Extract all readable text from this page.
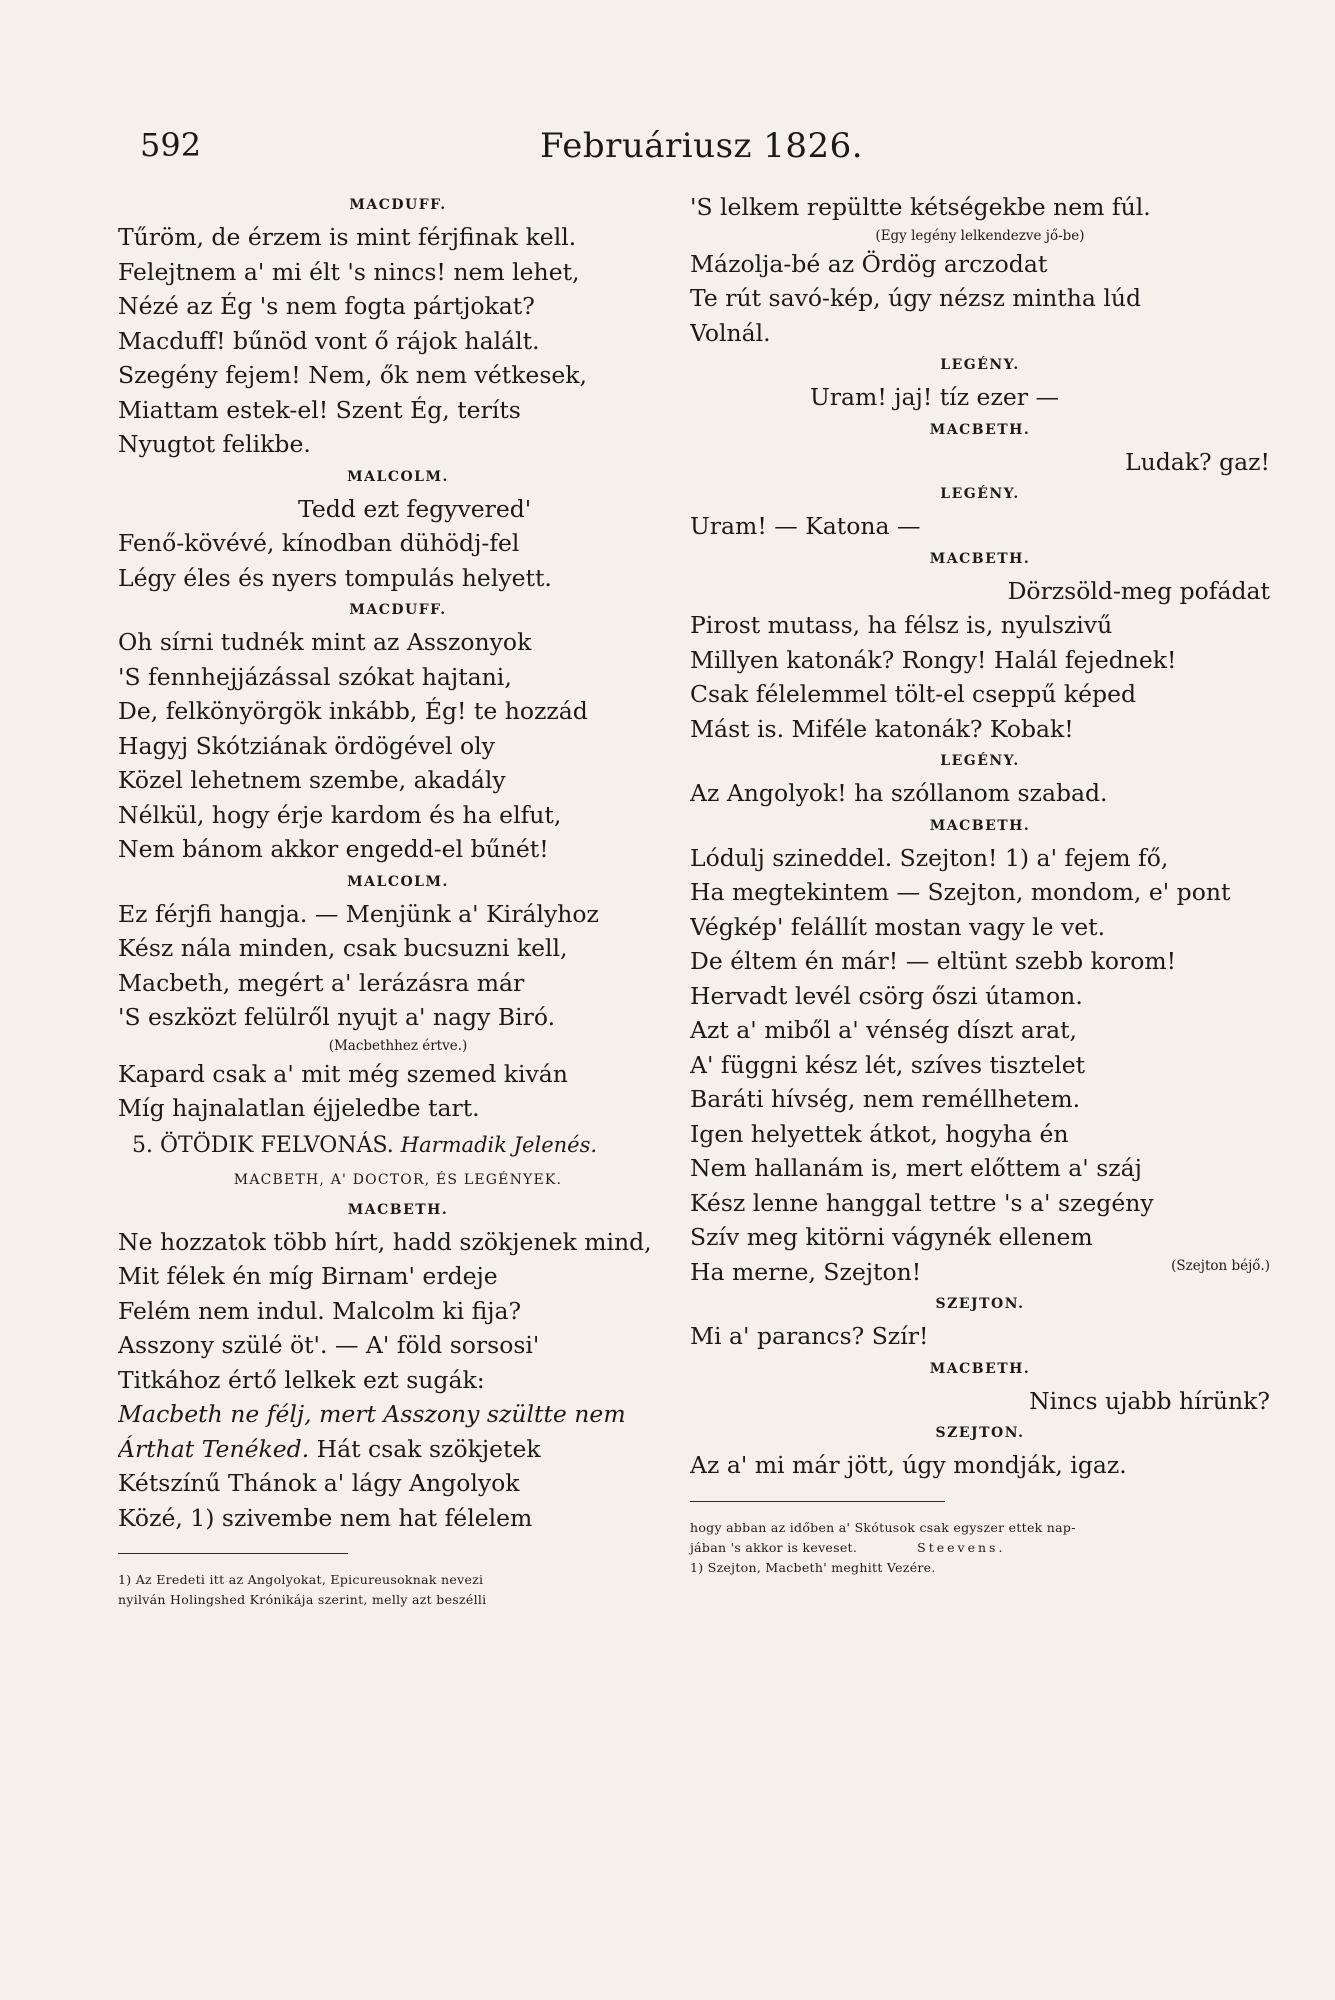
592	Februáriusz 1826.
MACDUFF.
Tűröm, de érzem is mint férjfinak kell.
Felejtnem a' mi élt 's nincs! nem lehet,
Nézé az Ég 's nem fogta pártjokat?
Macduff! bűnöd vont ő rájok halált.
Szegény fejem! Nem, ők nem vétkesek,
Miattam estek-el! Szent Ég, teríts
Nyugtot felikbe.
MALCOLM.
Tedd ezt fegyvered'
Fenő-kövévé, kínodban dühödj-fel
Légy éles és nyers tompulás helyett.
MACDUFF.
Oh sírni tudnék mint az Asszonyok
'S fennhejjázással szókat hajtani,
De, felkönyörgök inkább, Ég! te hozzád
Hagyj Skótziának ördögével oly
Közel lehetnem szembe, akadály
Nélkül, hogy érje kardom és ha elfut,
Nem bánom akkor engedd-el bűnét!
MALCOLM.
Ez férjfi hangja. — Menjünk a' Királyhoz
Kész nála minden, csak bucsuzni kell,
Macbeth, megért a' lerázásra már
'S eszközt felülről nyujt a' nagy Biró.
(Macbethhez értve.)
Kapard csak a' mit még szemed kiván
Míg hajnalatlan éjjeledbe tart.
5. ÖTÖDIK FELVONÁS. Harmadik Jelenés.
MACBETH, A' DOCTOR, ÉS LEGÉNYEK.
MACBETH.
Ne hozzatok több hírt, hadd szökjenek mind,
Mit félek én míg Birnam' erdeje
Felém nem indul. Malcolm ki fija?
Asszony szülé öt'. — A' föld sorsosi'
Titkához értő lelkek ezt sugák:
Macbeth ne félj, mert Asszony szültte nem
Árthat Tenéked. Hát csak szökjetek
Kétszínű Thánok a' lágy Angolyok
Közé, 1) szivembe nem hat félelem
1) Az Eredeti itt az Angolyokat, Epicureusoknak nevezi
nyilván Holingshed Krónikája szerint, melly azt beszélli
'S lelkem repültte kétségekbe nem fúl.
(Egy legény lelkendezve jő-be)
Mázolja-bé az Ördög arczodat
Te rút savó-kép, úgy nézsz mintha lúd
Volnál.
LEGÉNY.
Uram! jaj! tíz ezer —
MACBETH.
Ludak? gaz!
LEGÉNY.
Uram! — Katona —
MACBETH.
Dörzsöld-meg pofádat
Pirost mutass, ha félsz is, nyulszivű
Millyen katonák? Rongy! Halál fejednek!
Csak félelemmel tölt-el cseppű képed
Mást is. Miféle katonák? Kobak!
LEGÉNY.
Az Angolyok! ha szóllanom szabad.
MACBETH.
Lódulj szineddel. Szejton! 1) a' fejem fő,
Ha megtekintem — Szejton, mondom, e' pont
Végkép' felállít mostan vagy le vet.
De éltem én már! — eltünt szebb korom!
Hervadt levél csörg őszi útamon.
Azt a' miből a' vénség díszt arat,
A' függni kész lét, szíves tisztelet
Baráti hívség, nem reméllhetem.
Igen helyettek átkot, hogyha én
Nem hallanám is, mert előttem a' száj
Kész lenne hanggal tettre 's a' szegény
Szív meg kitörni vágynék ellenem
Ha merne, Szejton!	(Szejton béjő.)
SZEJTON.
Mi a' parancs? Szír!
MACBETH.
Nincs ujabb hírünk?
SZEJTON.
Az a' mi már jött, úgy mondják, igaz.
hogy abban az időben a' Skótusok csak egyszer ettek nap-
jában 's akkor is keveset.	Steevens.
1) Szejton, Macbeth' meghitt Vezére.
